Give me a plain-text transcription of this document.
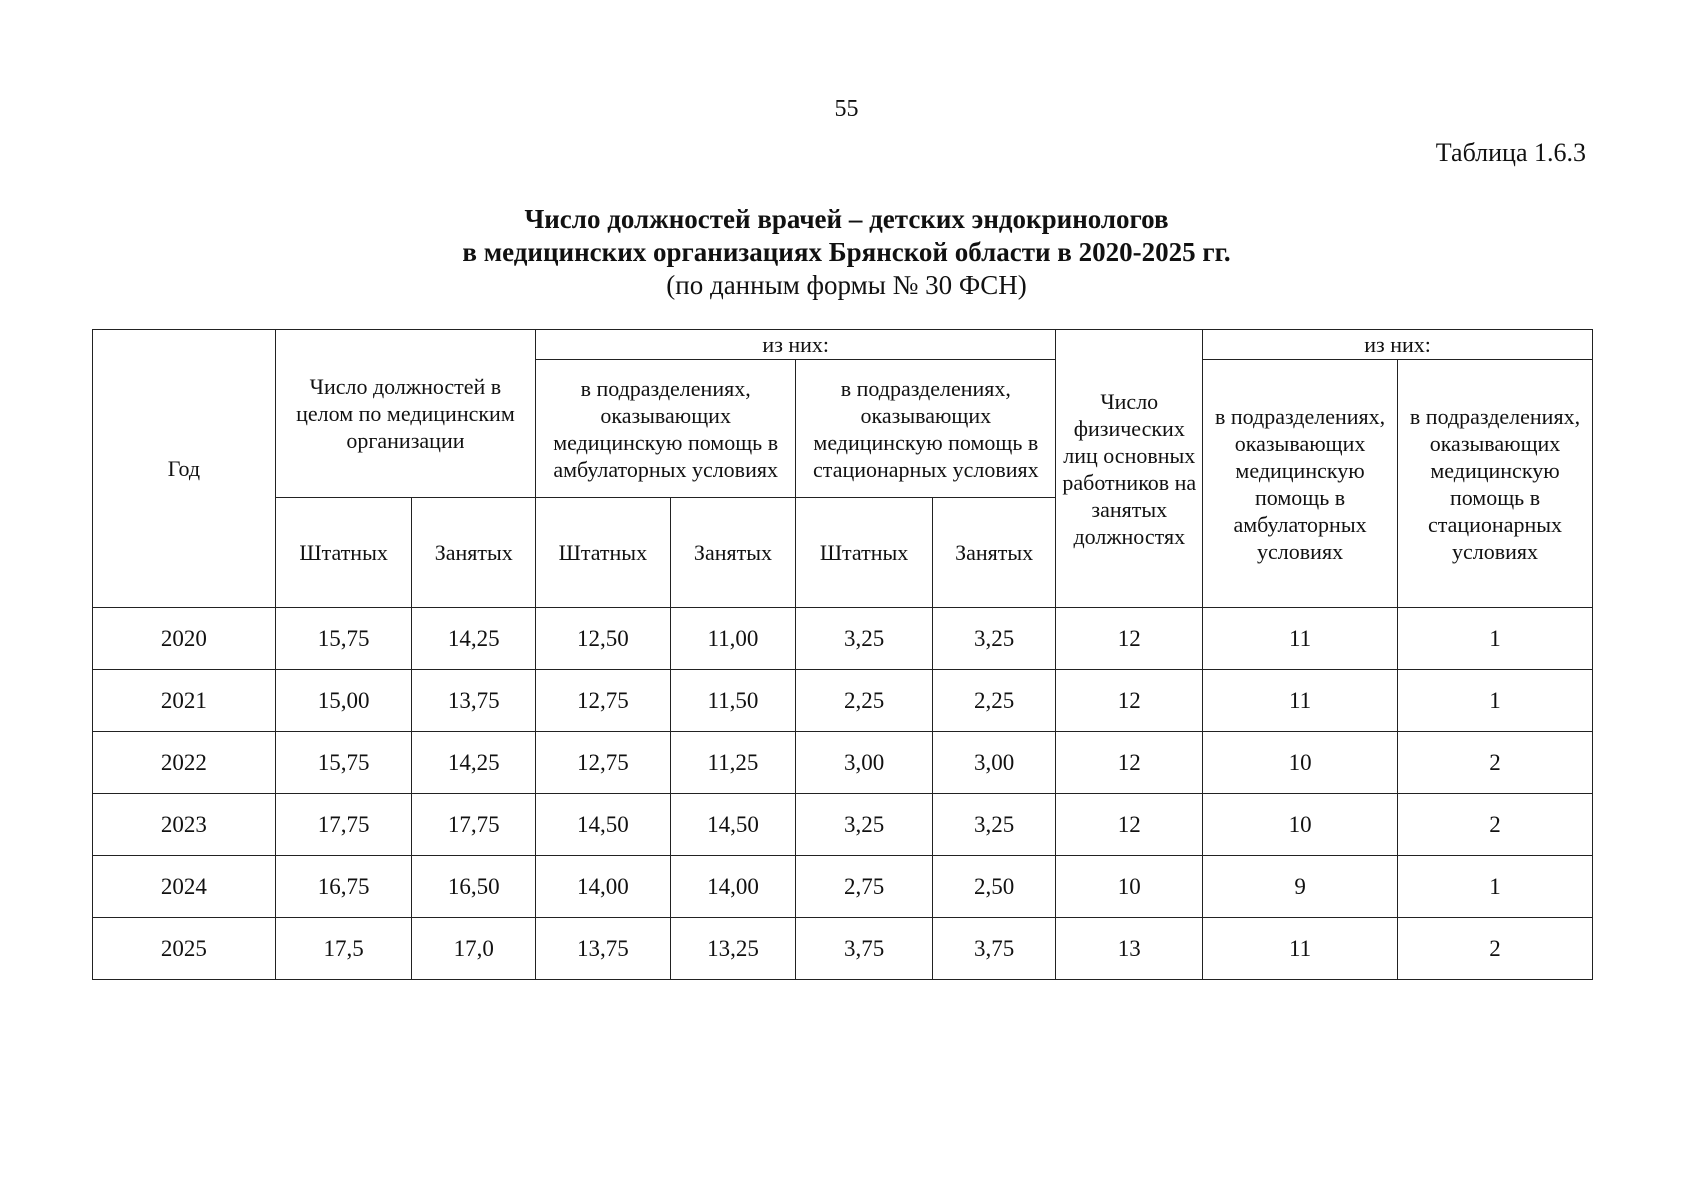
55
Таблица 1.6.3
Число должностей врачей – детских эндокринологов
в медицинских организациях Брянской области в 2020-2025 гг.
(по данным формы № 30 ФСН)
Год	Число должностей в целом по медицинским организации		из них:				Число физических лиц основных работников на занятых должностях	из них:	
			в подразделениях, оказывающих медицинскую помощь в амбулаторных условиях		в подразделениях, оказывающих медицинскую помощь в стационарных условиях			в подразделениях, оказывающих медицинскую помощь в амбулаторных условиях	в подразделениях, оказывающих медицинскую помощь в стационарных условиях
	Штатных	Занятых	Штатных	Занятых	Штатных	Занятых			
2020	15,75	14,25	12,50	11,00	3,25	3,25	12	11	1
2021	15,00	13,75	12,75	11,50	2,25	2,25	12	11	1
2022	15,75	14,25	12,75	11,25	3,00	3,00	12	10	2
2023	17,75	17,75	14,50	14,50	3,25	3,25	12	10	2
2024	16,75	16,50	14,00	14,00	2,75	2,50	10	9	1
2025	17,5	17,0	13,75	13,25	3,75	3,75	13	11	2
